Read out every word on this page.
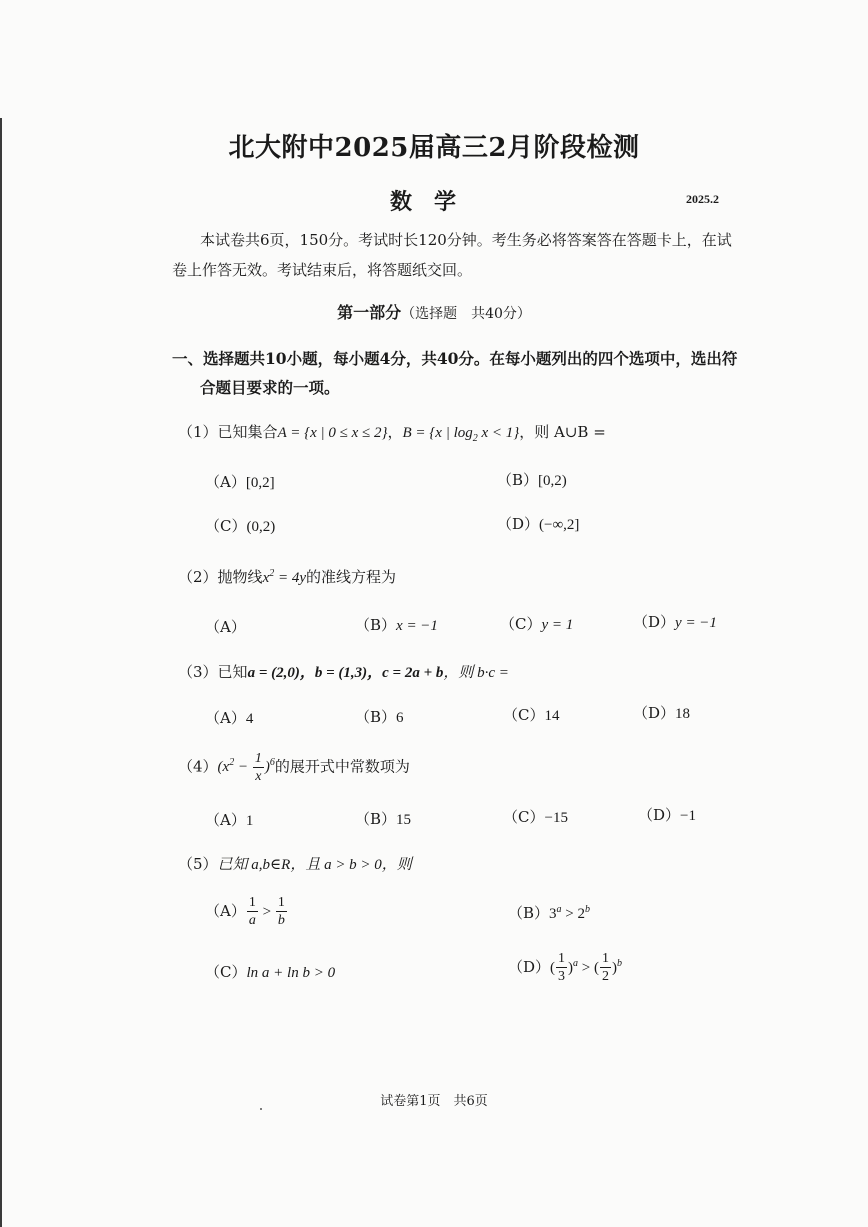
北大附中2025届高三2月阶段检测
数学	2025.2
本试卷共6页，150分。考试时长120分钟。考生务必将答案答在答题卡上，在试
卷上作答无效。考试结束后，将答题纸交回。
第一部分（选择题　共40分）
一、选择题共10小题，每小题4分，共40分。在每小题列出的四个选项中，选出符
合题目要求的一项。
（1）已知集合A = {x | 0 ≤ x ≤ 2}，B = {x | $\log_2 x < 1$}，则 A∪B =
（A）[0,2]	（B）[0,2)
（C）(0,2)	（D）(−∞,2]
（2）抛物线$x^2 = 4y$的准线方程为
（A）	（B）x = −1	（C）y = 1	（D）y = −1
（3）已知a = (2,0)，b = (1,3)，c = 2a + b，则 b·c =
（A）4	（B）6	（C）14	（D）18
$(4)(x^2 - \frac{1}{x} )^6$的展开式中常数项为
（A）1	（B）15	（C）−15	（D）−1
（5）已知 a,b∈R，且 a > b > 0，则
$(A) \frac{1}{a} > \frac{1}{b}$	$(B)3^a > 2^b$
（C）ln a + ln b > 0	$(D)( \frac{1}{3} )^a$ > ( $\frac{1}{2} )^b$
试卷第1页　共6页
